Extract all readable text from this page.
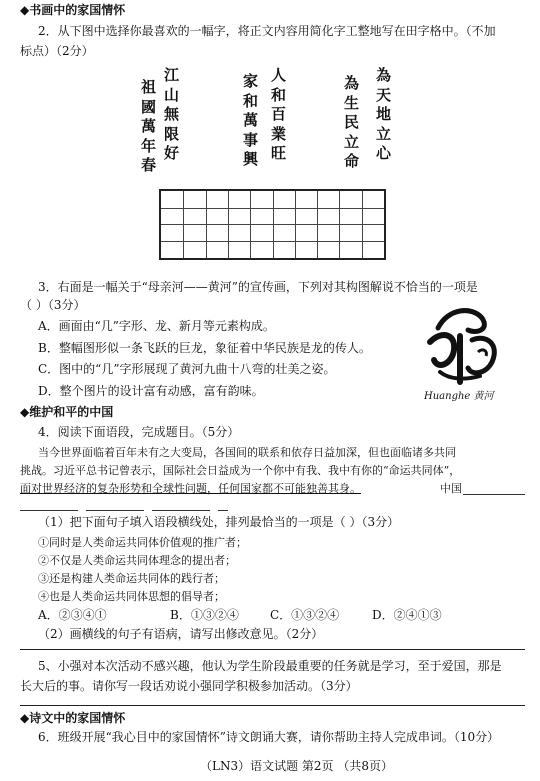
◆书画中的家国情怀
2．从下图中选择你最喜欢的一幅字，将正文内容用简化字工整地写在田字格中。（不加
标点）（2分）
祖國萬年春
江山無限好
家和萬事興
人和百業旺
為生民立命
為天地立心
3．右面是一幅关于“母亲河——黄河”的宣传画，下列对其构图解说不恰当的一项是
（ ）（3分）
A．画面由“几”字形、龙、新月等元素构成。
B．整幅图形似一条飞跃的巨龙，象征着中华民族是龙的传人。
C．图中的“几”字形展现了黄河九曲十八弯的壮美之姿。
D．整个图片的设计富有动感，富有韵味。	Huanghe 黄河
◆维护和平的中国
4．阅读下面语段，完成题目。（5分）
当今世界面临着百年未有之大变局，各国间的联系和依存日益加深，但也面临诸多共同
挑战。习近平总书记曾表示，国际社会日益成为一个你中有我、我中有你的“命运共同体”，
面对世界经济的复杂形势和全球性问题，任何国家都不可能独善其身。	中国
（1）把下面句子填入语段横线处，排列最恰当的一项是（ ）（3分）
①同时是人类命运共同体价值观的推广者；
②不仅是人类命运共同体理念的提出者；
③还是构建人类命运共同体的践行者；
④也是人类命运共同体思想的倡导者；
A．②③④①	B．①③②④	C．①③②④	D．②④①③
（2）画横线的句子有语病，请写出修改意见。（2分）
5、小强对本次活动不感兴趣，他认为学生阶段最重要的任务就是学习，至于爱国，那是
长大后的事。请你写一段话劝说小强同学积极参加活动。（3分）
◆诗文中的家国情怀
6．班级开展“我心目中的家国情怀”诗文朗诵大赛，请你帮助主持人完成串词。（10分）
（LN3）语文试题 第2页 （共8页）
